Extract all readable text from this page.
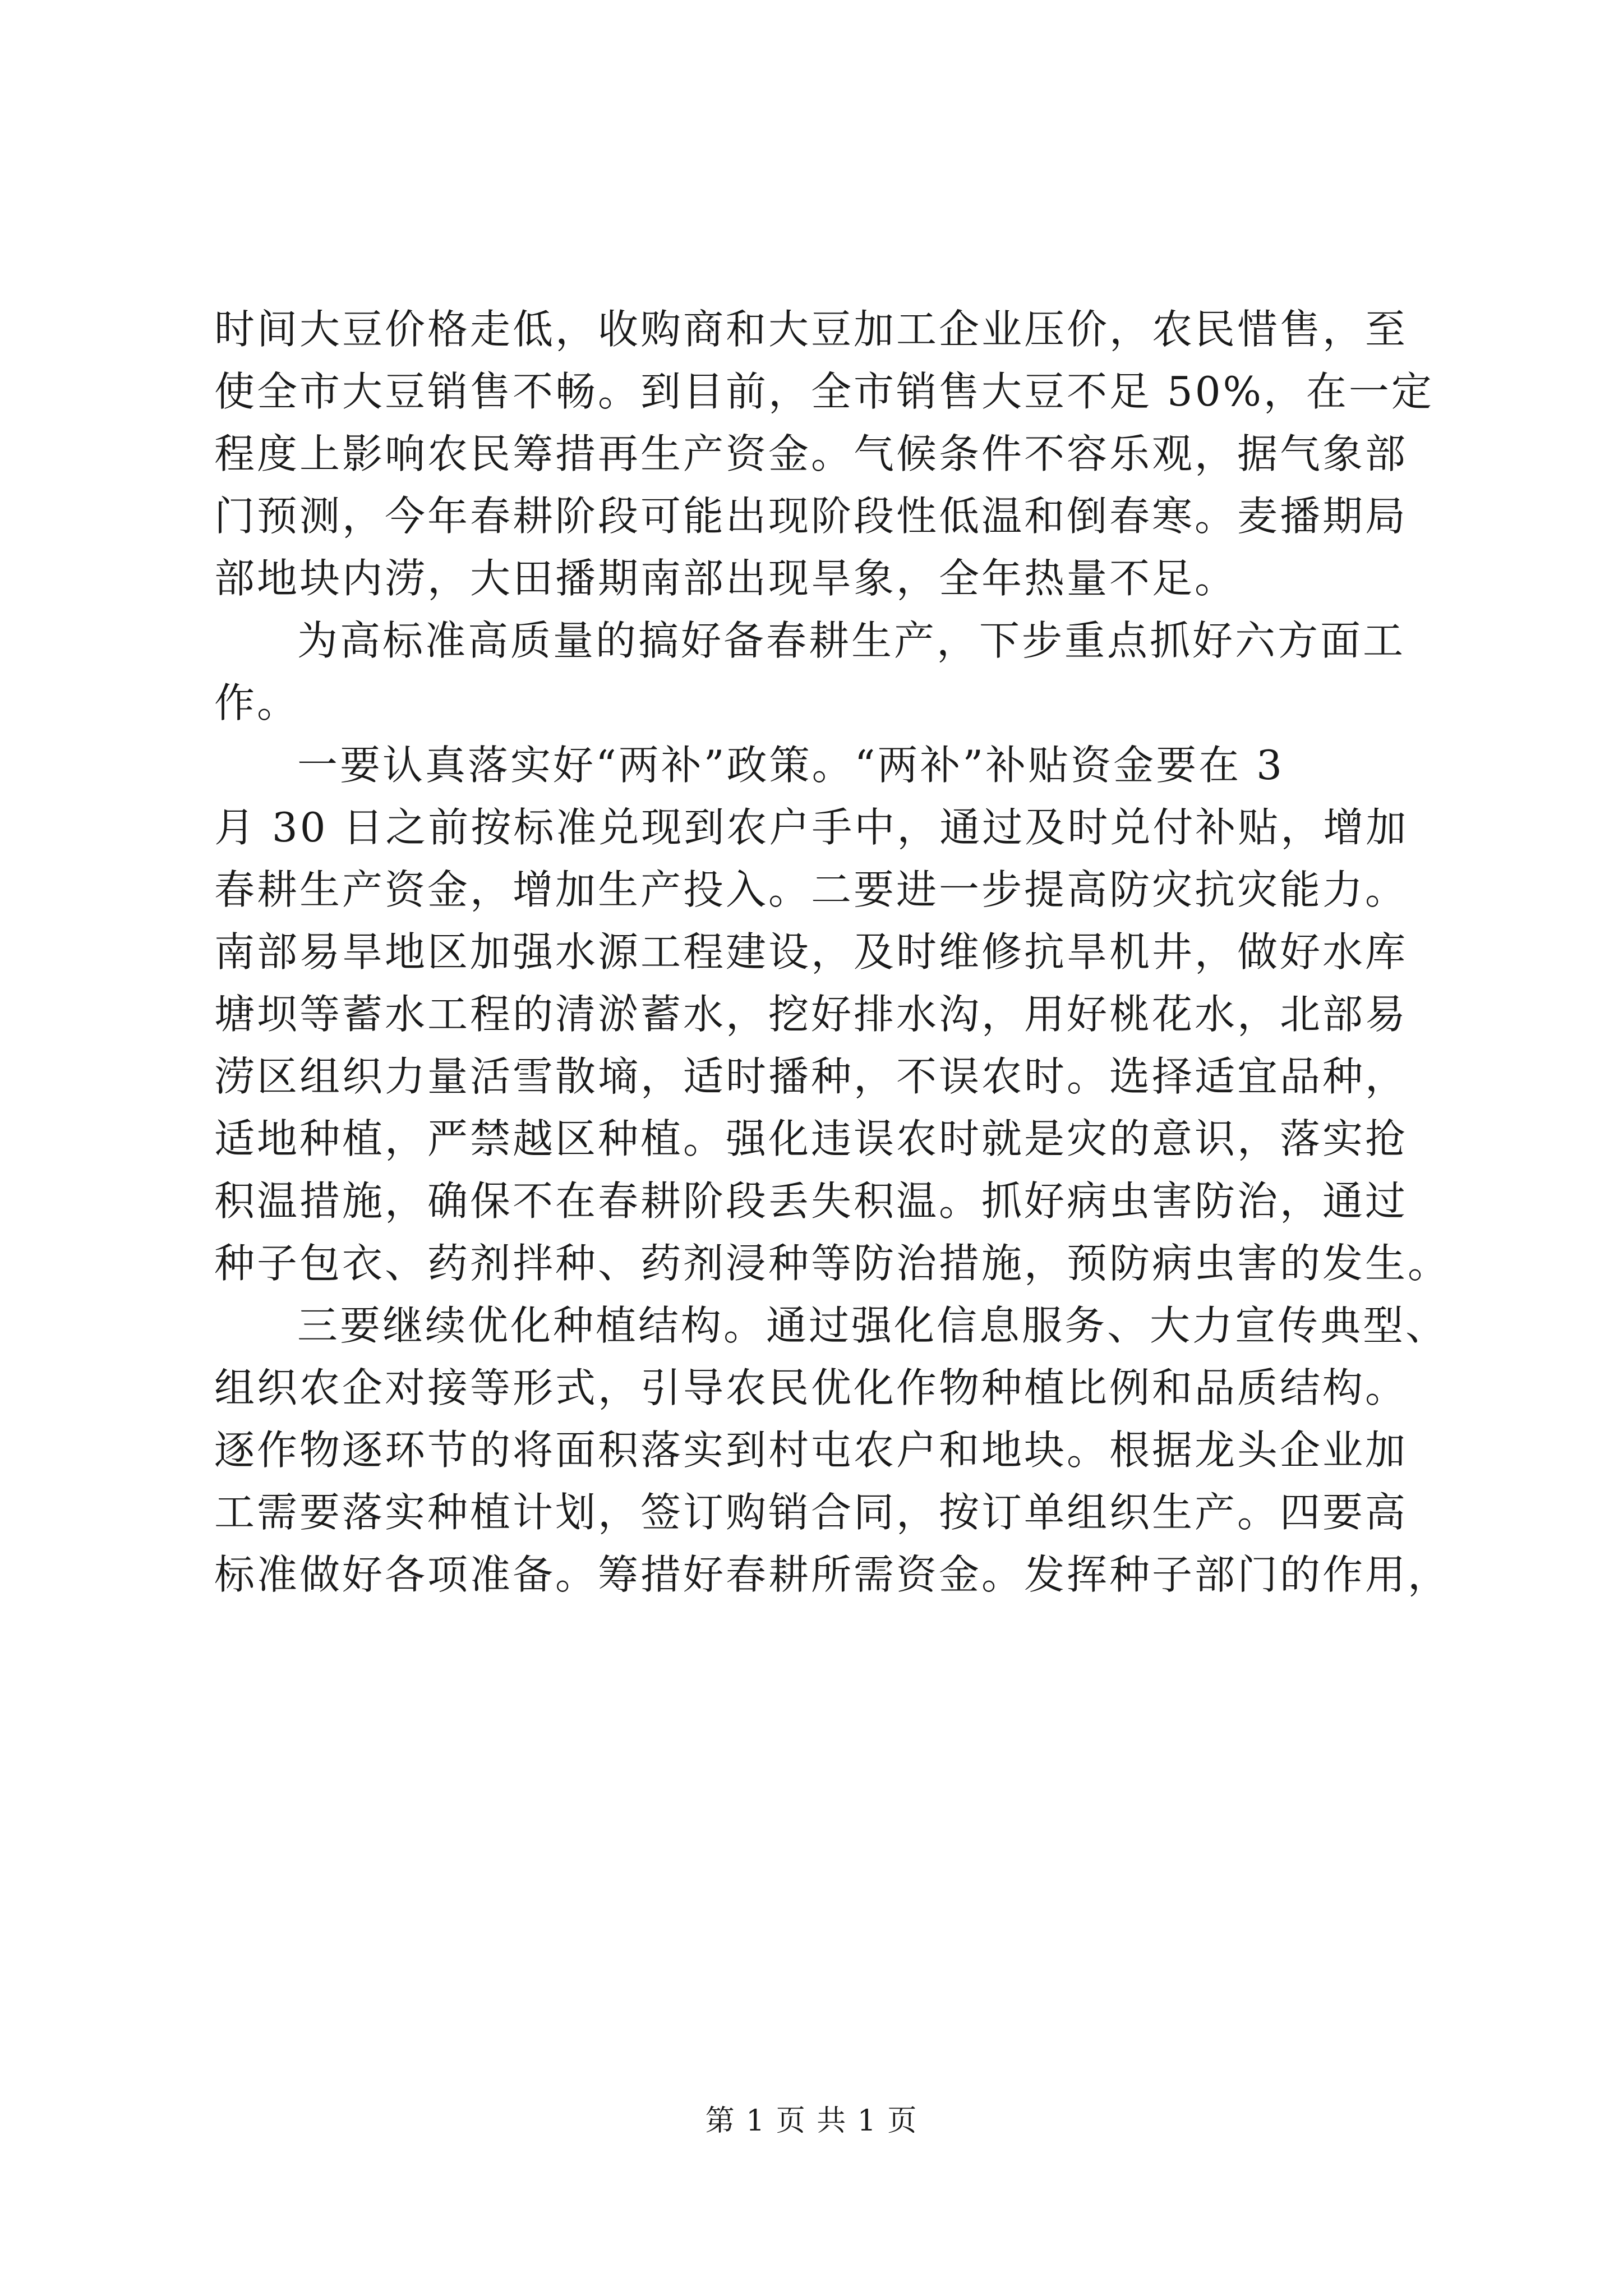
时间大豆价格走低，收购商和大豆加工企业压价，农民惜售，至
使全市大豆销售不畅。到目前，全市销售大豆不足 50%，在一定
程度上影响农民筹措再生产资金。气候条件不容乐观，据气象部
门预测，今年春耕阶段可能出现阶段性低温和倒春寒。麦播期局
部地块内涝，大田播期南部出现旱象，全年热量不足。
为高标准高质量的搞好备春耕生产，下步重点抓好六方面工
作。
一要认真落实好“两补”政策。“两补”补贴资金要在 3
月 30 日之前按标准兑现到农户手中，通过及时兑付补贴，增加
春耕生产资金，增加生产投入。二要进一步提高防灾抗灾能力。
南部易旱地区加强水源工程建设，及时维修抗旱机井，做好水库
塘坝等蓄水工程的清淤蓄水，挖好排水沟，用好桃花水，北部易
涝区组织力量活雪散墒，适时播种，不误农时。选择适宜品种，
适地种植，严禁越区种植。强化违误农时就是灾的意识，落实抢
积温措施，确保不在春耕阶段丢失积温。抓好病虫害防治，通过
种子包衣、药剂拌种、药剂浸种等防治措施，预防病虫害的发生。
三要继续优化种植结构。通过强化信息服务、大力宣传典型、
组织农企对接等形式，引导农民优化作物种植比例和品质结构。
逐作物逐环节的将面积落实到村屯农户和地块。根据龙头企业加
工需要落实种植计划，签订购销合同，按订单组织生产。四要高
标准做好各项准备。筹措好春耕所需资金。发挥种子部门的作用，
第 1 页 共 1 页
